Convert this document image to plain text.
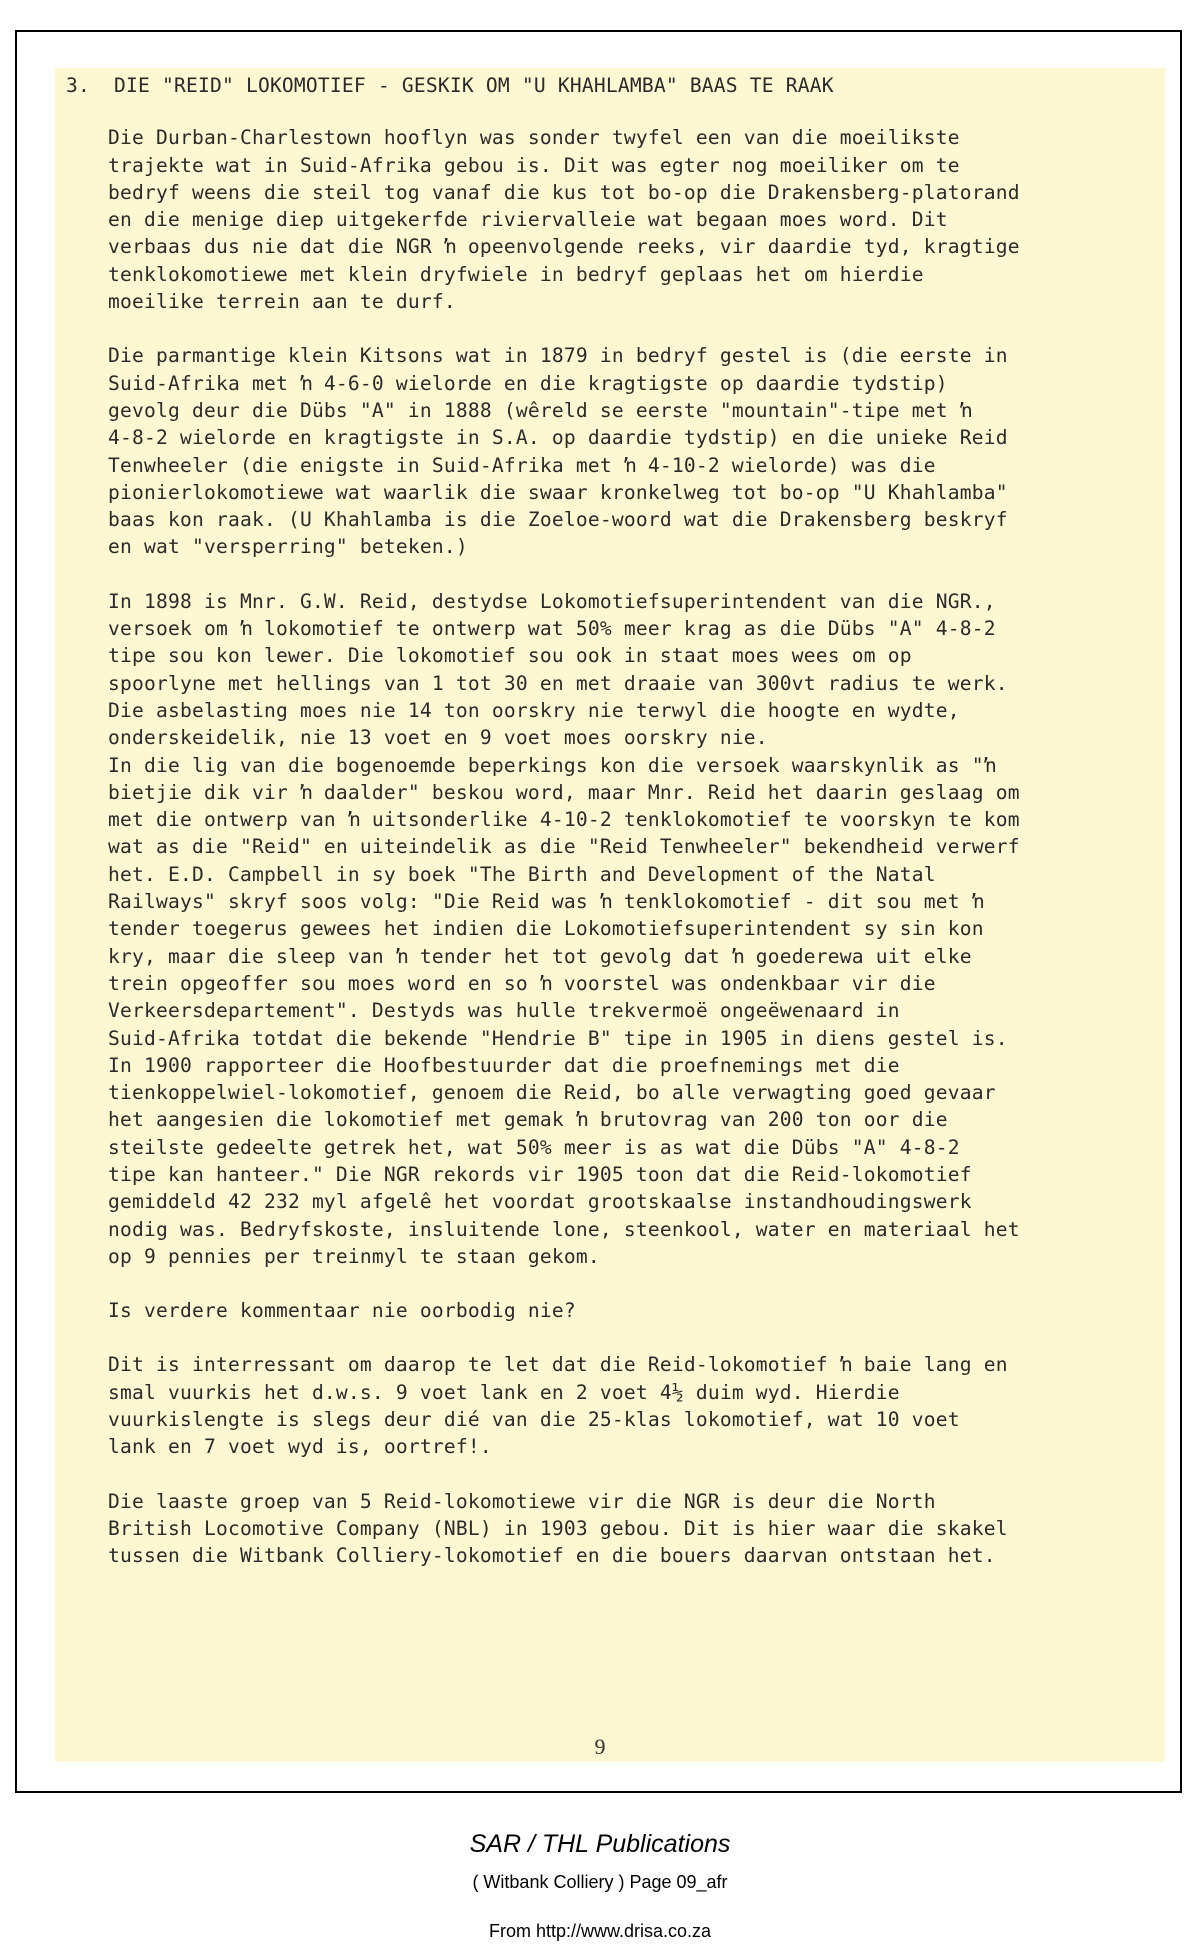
3.  DIE "REID" LOKOMOTIEF - GESKIK OM "U KHAHLAMBA" BAAS TE RAAK
Die Durban-Charlestown hooflyn was sonder twyfel een van die moeilikste
trajekte wat in Suid-Afrika gebou is. Dit was egter nog moeiliker om te
bedryf weens die steil tog vanaf die kus tot bo-op die Drakensberg-platorand
en die menige diep uitgekerfde riviervalleie wat begaan moes word. Dit
verbaas dus nie dat die NGR ŉ opeenvolgende reeks, vir daardie tyd, kragtige
tenklokomotiewe met klein dryfwiele in bedryf geplaas het om hierdie
moeilike terrein aan te durf.
Die parmantige klein Kitsons wat in 1879 in bedryf gestel is (die eerste in
Suid-Afrika met ŉ 4-6-0 wielorde en die kragtigste op daardie tydstip)
gevolg deur die Dübs "A" in 1888 (wêreld se eerste "mountain"-tipe met ŉ
4-8-2 wielorde en kragtigste in S.A. op daardie tydstip) en die unieke Reid
Tenwheeler (die enigste in Suid-Afrika met ŉ 4-10-2 wielorde) was die
pionierlokomotiewe wat waarlik die swaar kronkelweg tot bo-op "U Khahlamba"
baas kon raak. (U Khahlamba is die Zoeloe-woord wat die Drakensberg beskryf
en wat "versperring" beteken.)
In 1898 is Mnr. G.W. Reid, destydse Lokomotiefsuperintendent van die NGR.,
versoek om ŉ lokomotief te ontwerp wat 50% meer krag as die Dübs "A" 4-8-2
tipe sou kon lewer. Die lokomotief sou ook in staat moes wees om op
spoorlyne met hellings van 1 tot 30 en met draaie van 300vt radius te werk.
Die asbelasting moes nie 14 ton oorskry nie terwyl die hoogte en wydte,
onderskeidelik, nie 13 voet en 9 voet moes oorskry nie.
In die lig van die bogenoemde beperkings kon die versoek waarskynlik as "ŉ
bietjie dik vir ŉ daalder" beskou word, maar Mnr. Reid het daarin geslaag om
met die ontwerp van ŉ uitsonderlike 4-10-2 tenklokomotief te voorskyn te kom
wat as die "Reid" en uiteindelik as die "Reid Tenwheeler" bekendheid verwerf
het. E.D. Campbell in sy boek "The Birth and Development of the Natal
Railways" skryf soos volg: "Die Reid was ŉ tenklokomotief - dit sou met ŉ
tender toegerus gewees het indien die Lokomotiefsuperintendent sy sin kon
kry, maar die sleep van ŉ tender het tot gevolg dat ŉ goederewa uit elke
trein opgeoffer sou moes word en so ŉ voorstel was ondenkbaar vir die
Verkeersdepartement". Destyds was hulle trekvermoë ongeëwenaard in
Suid-Afrika totdat die bekende "Hendrie B" tipe in 1905 in diens gestel is.
In 1900 rapporteer die Hoofbestuurder dat die proefnemings met die
tienkoppelwiel-lokomotief, genoem die Reid, bo alle verwagting goed gevaar
het aangesien die lokomotief met gemak ŉ brutovrag van 200 ton oor die
steilste gedeelte getrek het, wat 50% meer is as wat die Dübs "A" 4-8-2
tipe kan hanteer." Die NGR rekords vir 1905 toon dat die Reid-lokomotief
gemiddeld 42 232 myl afgelê het voordat grootskaalse instandhoudingswerk
nodig was. Bedryfskoste, insluitende lone, steenkool, water en materiaal het
op 9 pennies per treinmyl te staan gekom.
Is verdere kommentaar nie oorbodig nie?
Dit is interressant om daarop te let dat die Reid-lokomotief ŉ baie lang en
smal vuurkis het d.w.s. 9 voet lank en 2 voet 4½ duim wyd. Hierdie
vuurkislengte is slegs deur dié van die 25-klas lokomotief, wat 10 voet
lank en 7 voet wyd is, oortref!.
Die laaste groep van 5 Reid-lokomotiewe vir die NGR is deur die North
British Locomotive Company (NBL) in 1903 gebou. Dit is hier waar die skakel
tussen die Witbank Colliery-lokomotief en die bouers daarvan ontstaan het.
9
SAR / THL Publications
( Witbank Colliery ) Page 09_afr
From http://www.drisa.co.za
